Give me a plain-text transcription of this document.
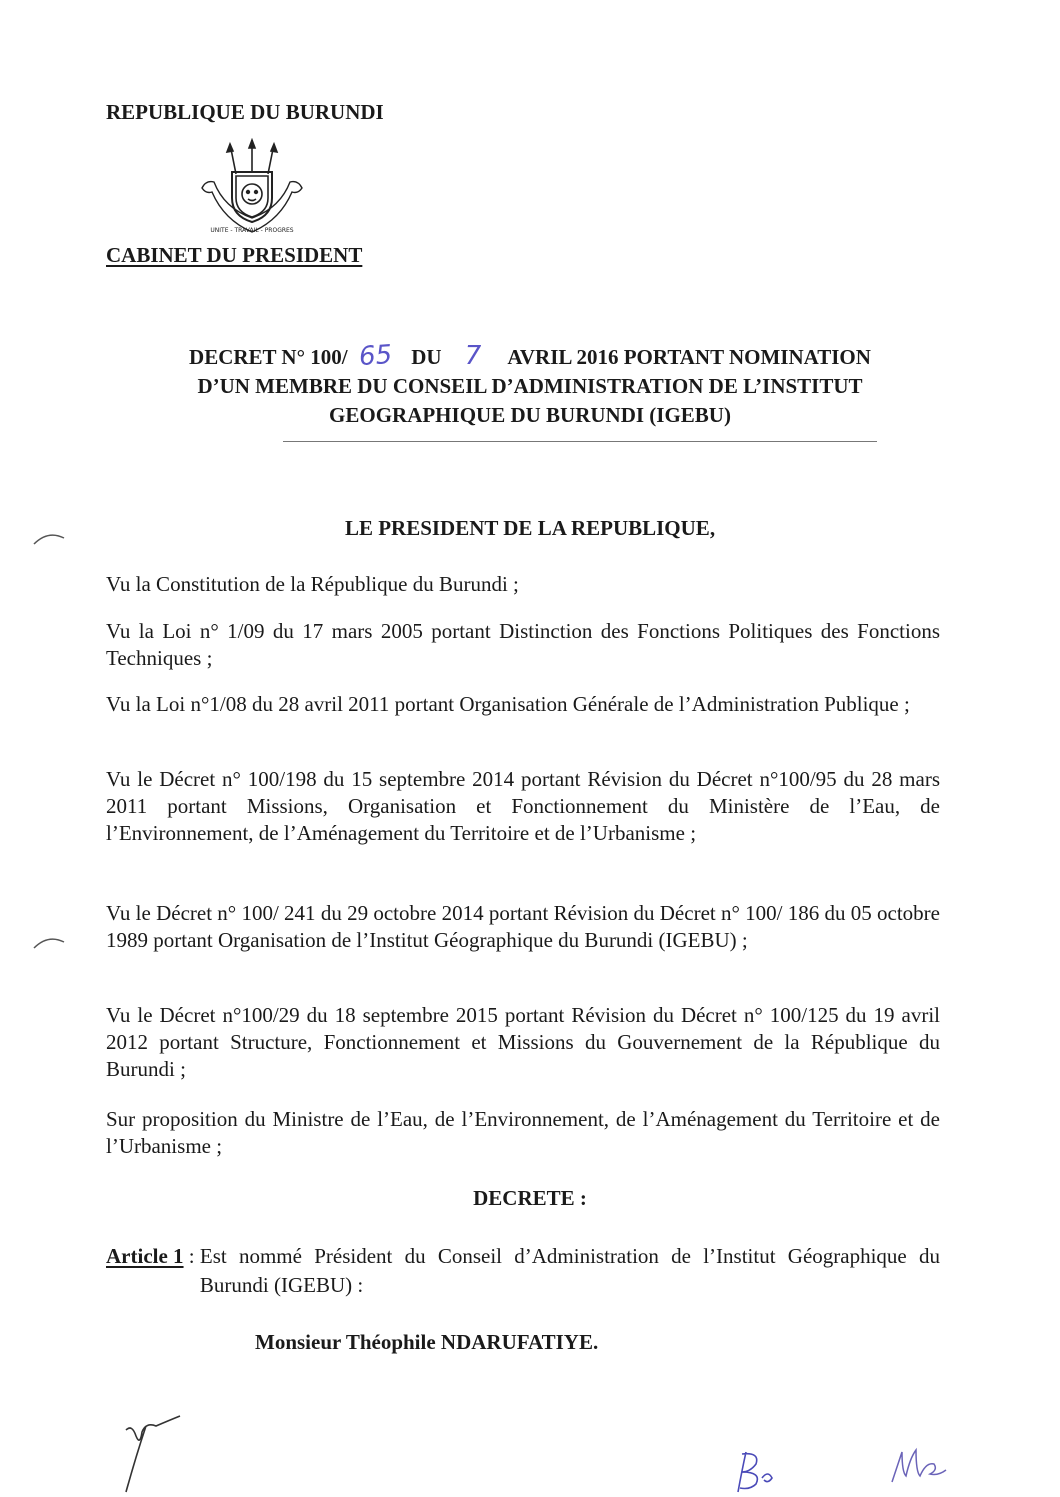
REPUBLIQUE DU BURUNDI
UNITE - TRAVAIL - PROGRES
CABINET DU PRESIDENT
DECRET N° 100/ 65 DU 7 AVRIL 2016 PORTANT NOMINATION
D’UN MEMBRE DU CONSEIL D’ADMINISTRATION DE L’INSTITUT
GEOGRAPHIQUE DU BURUNDI (IGEBU)
LE PRESIDENT DE LA REPUBLIQUE,

Vu la Constitution de la République du Burundi ;

Vu la Loi n° 1/09 du 17 mars 2005 portant Distinction des Fonctions Politiques des Fonctions Techniques ;

Vu la Loi n°1/08 du 28 avril 2011 portant Organisation Générale de l’Administration Publique ;

Vu le Décret n° 100/198 du 15 septembre 2014 portant Révision du Décret n°100/95 du 28 mars 2011 portant Missions, Organisation et Fonctionnement du Ministère de l’Eau, de l’Environnement, de l’Aménagement du Territoire et de l’Urbanisme ;

Vu le Décret n° 100/ 241 du 29 octobre 2014 portant Révision du Décret n° 100/ 186 du 05 octobre 1989 portant Organisation de l’Institut Géographique du Burundi (IGEBU) ;

Vu le Décret n°100/29 du 18 septembre 2015 portant Révision du Décret n° 100/125 du 19 avril 2012 portant Structure, Fonctionnement et Missions du Gouvernement de la République du Burundi ;

Sur proposition du Ministre de l’Eau, de l’Environnement, de l’Aménagement du Territoire et de l’Urbanisme ;

DECRETE :
Article 1 : Est nommé Président du Conseil d’Administration de l’Institut Géographique du Burundi (IGEBU) :
Monsieur Théophile NDARUFATIYE.
